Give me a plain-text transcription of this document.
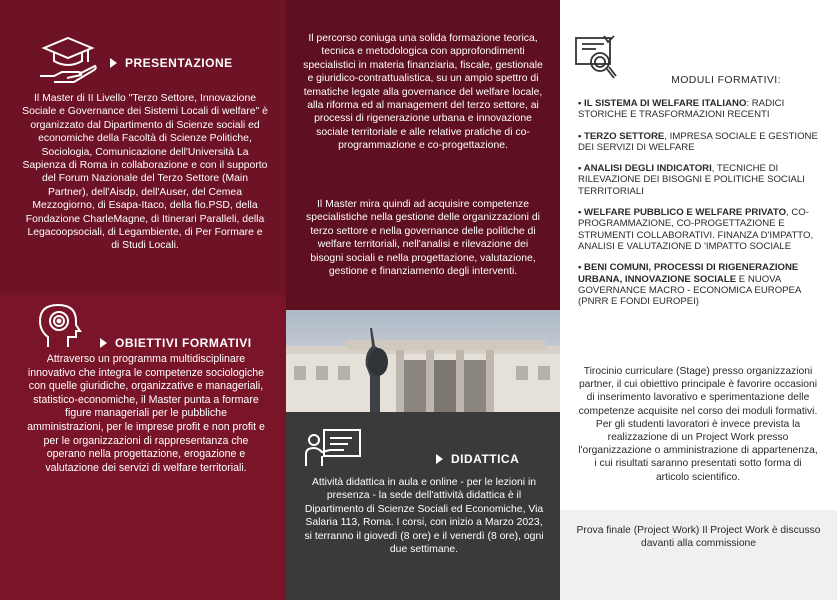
PRESENTAZIONE

Il Master di II Livello "Terzo Settore, Innovazione Sociale e Governance dei Sistemi Locali di welfare" è organizzato dal Dipartimento di Scienze sociali ed economiche della Facoltà di Scienze Politiche, Sociologia, Comunicazione dell'Università La Sapienza di Roma in collaborazione e con il supporto del Forum Nazionale del Terzo Settore (Main Partner), dell'Aisdp, dell'Auser, del Cemea Mezzogiorno, di Esapa-Itaco, della fio.PSD, della Fondazione CharleMagne, di Itinerari Paralleli, della Legacoopsociali, di Legambiente, di Per Formare e di Studi Locali.

OBIETTIVI FORMATIVI

Attraverso un programma multidisciplinare innovativo che integra le competenze sociologiche con quelle giuridiche, organizzative e manageriali, statistico-economiche, il Master punta a formare figure manageriali per le pubbliche amministrazioni, per le imprese profit e non profit e per le organizzazioni di rappresentanza che operano nella progettazione, erogazione e valutazione dei servizi di welfare territoriali.

Il percorso coniuga una solida formazione teorica, tecnica e metodologica con approfondimenti specialistici in materia finanziaria, fiscale, gestionale e giuridico-contrattualistica, su un ampio spettro di tematiche legate alla governance del welfare locale, alla riforma ed al management del terzo settore, ai processi di rigenerazione urbana e innovazione sociale territoriale e alle relative pratiche di co-programmazione e co-progettazione.

Il Master mira quindi ad acquisire competenze specialistiche nella gestione delle organizzazioni di terzo settore e nella governance delle politiche di welfare territoriali, nell'analisi e rilevazione dei bisogni sociali e nella progettazione, valutazione, gestione e finanziamento degli interventi.

DIDATTICA

Attività didattica in aula e online - per le lezioni in presenza - la sede dell'attività didattica è il Dipartimento di Scienze Sociali ed Economiche, Via Salaria 113, Roma. I corsi, con inizio a Marzo 2023, si terranno il giovedì (8 ore) e il venerdì (8 ore), ogni due settimane.

MODULI FORMATIVI:
• IL SISTEMA DI WELFARE ITALIANO: RADICI STORICHE E TRASFORMAZIONI RECENTI
• TERZO SETTORE, IMPRESA SOCIALE E GESTIONE DEI SERVIZI DI WELFARE
• ANALISI DEGLI INDICATORI, TECNICHE DI RILEVAZIONE DEI BISOGNI E POLITICHE SOCIALI TERRITORIALI
• WELFARE PUBBLICO E WELFARE PRIVATO, CO-PROGRAMMAZIONE, CO-PROGETTAZIONE E STRUMENTI COLLABORATIVI. FINANZA D'IMPATTO, ANALISI E VALUTAZIONE D 'IMPATTO SOCIALE
• BENI COMUNI, PROCESSI DI RIGENERAZIONE URBANA, INNOVAZIONE SOCIALE E NUOVA GOVERNANCE MACRO - ECONOMICA EUROPEA (PNRR E FONDI EUROPEI)

Tirocinio curriculare (Stage) presso organizzazioni partner, il cui obiettivo principale è favorire occasioni di inserimento lavorativo e sperimentazione delle competenze acquisite nel corso dei moduli formativi. Per gli studenti lavoratori è invece prevista la realizzazione di un Project Work presso l'organizzazione o amministrazione di appartenenza, i cui risultati saranno presentati sotto forma di articolo scientifico.

Prova finale (Project Work) Il Project Work è discusso davanti alla commissione
